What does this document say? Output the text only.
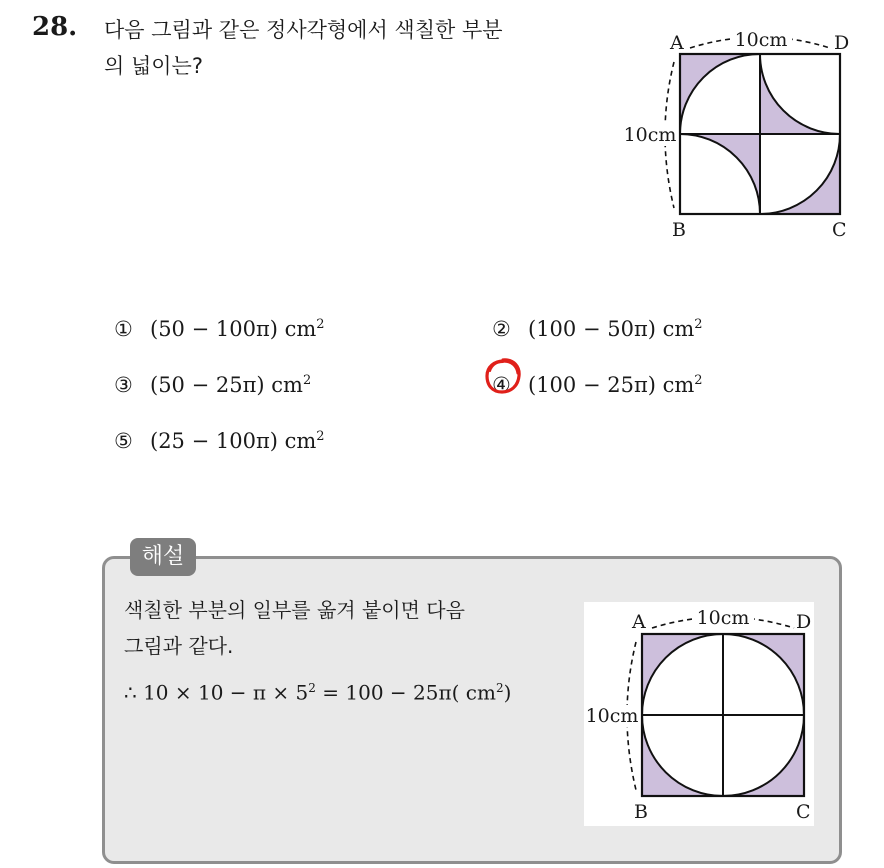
28. 다음 그림과 같은 정사각형에서 색칠한 부분
의 넓이는?
10cm
10cm
A	D
B	C
① (50 − 100π) $cm^2$	② (100 − 50π) $cm^2$
③ (50 − 25π) $cm^2$	④ (100 − 25π) $cm^2$
⑤ (25 − 100π) $cm^2$
해설
색칠한 부분의 일부를 옮겨 붙이면 다음
그림과 같다.
∴ $10 \times 10 - \pi \times 5^2 = 100 - 25\pi$( $cm^2$)
10cm
10cm
A	D
B	C
